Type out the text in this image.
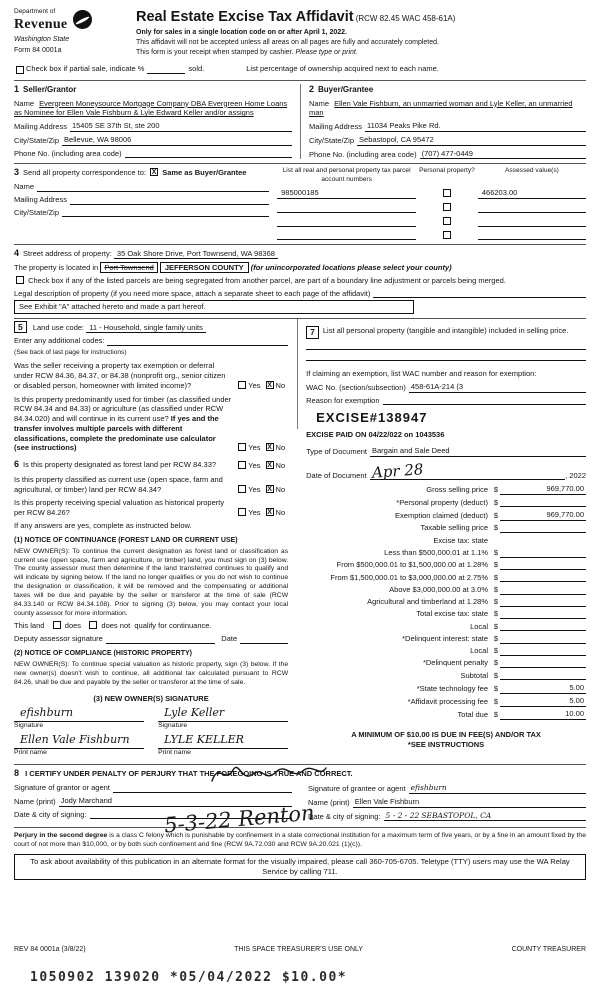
Department of
Revenue
Washington State
Form 84 0001a
Real Estate Excise Tax Affidavit (RCW 82.45 WAC 458-61A)
Only for sales in a single location code on or after April 1, 2022.
This affidavit will not be accepted unless all areas on all pages are fully and accurately completed.
This form is your receipt when stamped by cashier. Please type or print.
Check box if partial sale, indicate %	sold.	List percentage of ownership acquired next to each name.
1 Seller/Grantor
Name Evergreen Moneysource Mortgage Company DBA Evergreen Home Loans as Nominee for Ellen Vale Fishburn & Lyle Edward Keller and/or assigns
Mailing Address 15405 SE 37th St, ste 200
City/State/Zip Bellevue, WA 98006
Phone No. (including area code)
2 Buyer/Grantee
Name Ellen Vale Fishburn, an unmarried woman and Lyle Keller, an unmarried man
Mailing Address 11034 Peaks Pike Rd.
City/State/Zip Sebastopol, CA 95472
Phone No. (including area code) (707) 477-0449
3 Send all property correspondence to: X Same as Buyer/Grantee
Name
Mailing Address
City/State/Zip
List all real and personal property tax parcel account numbers
Personal property?	Assessed value(s)
985000185	466203.00
4 Street address of property: 35 Oak Shore Drive, Port Townsend, WA 98368
The property is located in Port Townsend JEFFERSON COUNTY (for unincorporated locations please select your county)
Check box if any of the listed parcels are being segregated from another parcel, are part of a boundary line adjustment or parcels being merged.
Legal description of property (if you need more space, attach a separate sheet to each page of the affidavit)
See Exhibit "A" attached hereto and made a part hereof.
5 Land use code: 11 - Household, single family units
Enter any additional codes:
(See back of last page for instructions)
Was the seller receiving a property tax exemption or deferral under RCW 84.36, 84.37, or 84.38 (nonprofit org., senior citizen or disabled person, homeowner with limited income)?	Yes X No
Is this property predominantly used for timber (as classified under RCW 84.34 and 84.33) or agriculture (as classified under RCW 84.34.020) and will continue in its current use? If yes and the transfer involves multiple parcels with different classifications, complete the predominate use calculator (see instructions)	Yes X No
6 Is this property designated as forest land per RCW 84.33?	Yes X No
Is this property classified as current use (open space, farm and agricultural, or timber) land per RCW 84.34?	Yes X No
Is this property receiving special valuation as historical property per RCW 84.26?	Yes X No
If any answers are yes, complete as instructed below.
(1) NOTICE OF CONTINUANCE (FOREST LAND OR CURRENT USE)
NEW OWNER(S): To continue the current designation as forest land or classification as current use (open space, farm and agriculture, or timber) land, you must sign on (3) below. The county assessor must then determine if the land transferred continues to qualify and will indicate by signing below. If the land no longer qualifies or you do not wish to continue the designation or classification, it will be removed and the compensating or additional taxes will be due and payable by the seller or transferor at the time of sale (RCW 84.33.140 or RCW 84.34.108). Prior to signing (3) below, you may contact your local county assessor for more information.
This land	does	does not qualify for continuance.
Deputy assessor signature	Date
(2) NOTICE OF COMPLIANCE (HISTORIC PROPERTY)
NEW OWNER(S): To continue special valuation as historic property, sign (3) below. If the new owner(s) doesn't wish to continue, all additional tax calculated pursuant to RCW 84.26, shall be due and payable by the seller or transferor at the time of sale.
(3) NEW OWNER(S) SIGNATURE
efishburn
Signature
Ellen Vale Fishburn
Print name
Lyle Keller
Signature
LYLE KELLER
Print name
7	List all personal property (tangible and intangible) included in selling price.
If claiming an exemption, list WAC number and reason for exemption:
WAC No. (section/subsection) 458-61A-214 (3
Reason for exemption
EXCISE#138947
EXCISE PAID ON 04/22/022 on 1043536
Type of Document Bargain and Sale Deed
Date of Document Apr 28	, 2022
Gross selling price $	969,770.00
*Personal property (deduct) $
Exemption claimed (deduct) $	969,770.00
Taxable selling price $
Excise tax: state
Less than $500,000.01 at 1.1% $
From $500,000.01 to $1,500,000.00 at 1.28% $
From $1,500,000.01 to $3,000,000.00 at 2.75% $
Above $3,000,000.00 at 3.0% $
Agricultural and timberland at 1.28% $
Total excise tax: state $
Local $
*Delinquent interest: state $
Local $
*Delinquent penalty $
Subtotal $
*State technology fee $	5.00
*Affidavit processing fee $	5.00
Total due $	10.00
A MINIMUM OF $10.00 IS DUE IN FEE(S) AND/OR TAX
*SEE INSTRUCTIONS
8 I CERTIFY UNDER PENALTY OF PERJURY THAT THE FOREGOING IS TRUE AND CORRECT.
Signature of grantor or agent
Name (print) Jody Marchand
Date & city of signing:	5-3-22 Renton
Signature of grantee or agent efishburn
Name (print) Ellen Vale Fishburn
Date & city of signing: 5 - 2 - 22 SEBASTOPOL, CA

Perjury in the second degree is a class C felony which is punishable by confinement in a state correctional institution for a maximum term of five years, or by a fine in an amount fixed by the court of not more than $10,000, or by both such confinement and fine (RCW 9A.72.030 and RCW 9A.20.021 (1)(c)).

To ask about availability of this publication in an alternate format for the visually impaired, please call 360-705-6705. Teletype (TTY) users may use the WA Relay Service by calling 711.
REV 84 0001a (3/8/22)	THIS SPACE TREASURER'S USE ONLY	COUNTY TREASURER
1050902 139020 *05/04/2022 $10.00*
